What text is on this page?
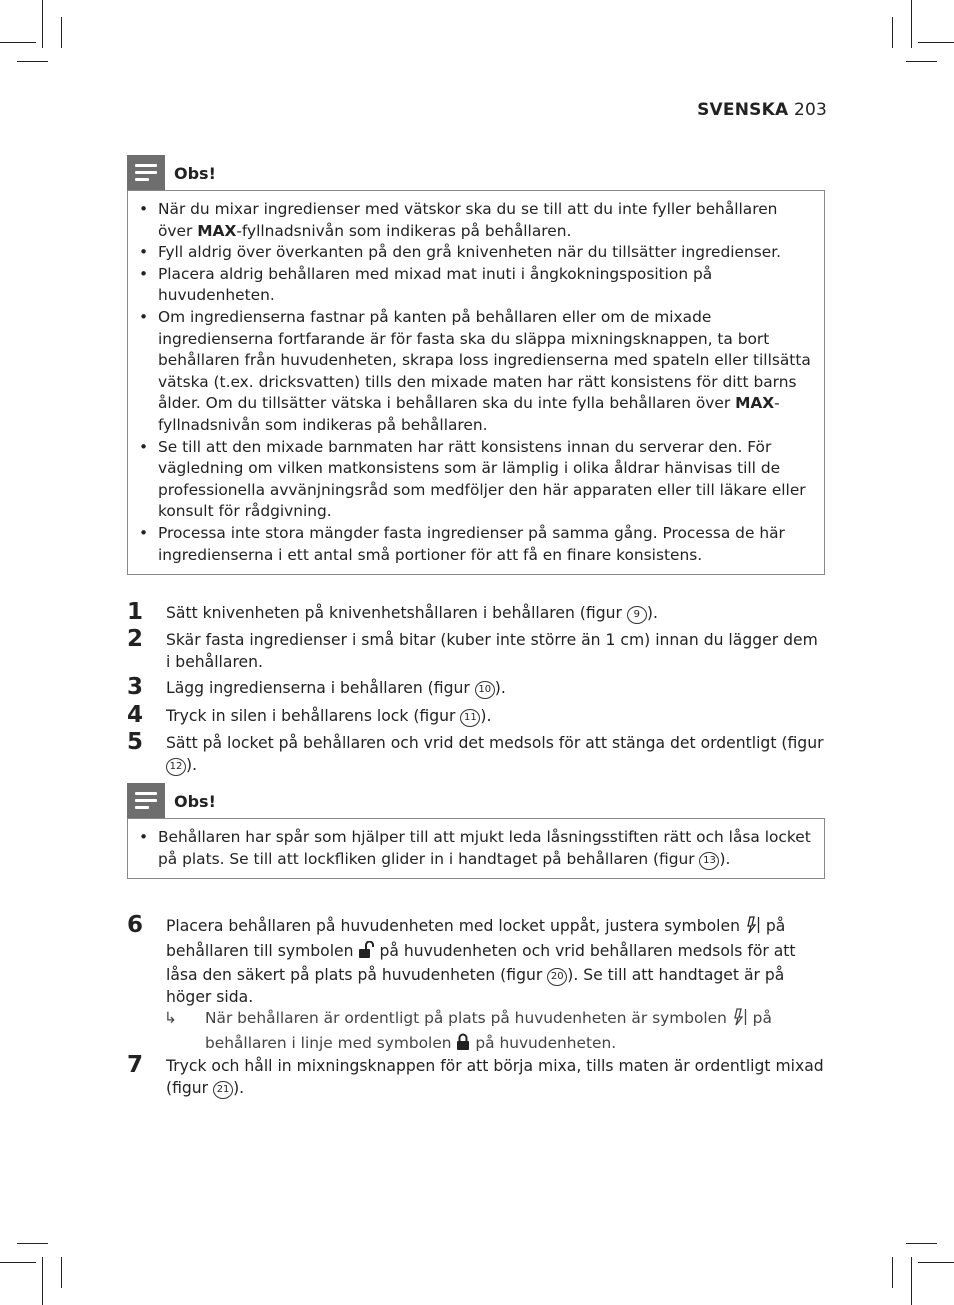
SVENSKA 203
Obs!
• När du mixar ingredienser med vätskor ska du se till att du inte fyller behållaren över MAX-fyllnadsnivån som indikeras på behållaren.
• Fyll aldrig över överkanten på den grå knivenheten när du tillsätter ingredienser.
• Placera aldrig behållaren med mixad mat inuti i ångkokningsposition på huvudenheten.
• Om ingredienserna fastnar på kanten på behållaren eller om de mixade ingredienserna fortfarande är för fasta ska du släppa mixningsknappen, ta bort behållaren från huvudenheten, skrapa loss ingredienserna med spateln eller tillsätta vätska (t.ex. dricksvatten) tills den mixade maten har rätt konsistens för ditt barns ålder. Om du tillsätter vätska i behållaren ska du inte fylla behållaren över MAX-fyllnadsnivån som indikeras på behållaren.
• Se till att den mixade barnmaten har rätt konsistens innan du serverar den. För vägledning om vilken matkonsistens som är lämplig i olika åldrar hänvisas till de professionella avvänjningsråd som medföljer den här apparaten eller till läkare eller konsult för rådgivning.
• Processa inte stora mängder fasta ingredienser på samma gång. Processa de här ingredienserna i ett antal små portioner för att få en finare konsistens.
1 Sätt knivenheten på knivenhetshållaren i behållaren (figur 9 ).
2 Skär fasta ingredienser i små bitar (kuber inte större än 1 cm) innan du lägger dem i behållaren.
3 Lägg ingredienserna i behållaren (figur 10 ).
4 Tryck in silen i behållarens lock (figur 11 ).
5 Sätt på locket på behållaren och vrid det medsols för att stänga det ordentligt (figur 12 ).
Obs!
• Behållaren har spår som hjälper till att mjukt leda låsningsstiften rätt och låsa locket på plats. Se till att lockfliken glider in i handtaget på behållaren (figur 13 ).
6 Placera behållaren på huvudenheten med locket uppåt, justera symbolen  på behållaren till symbolen  på huvudenheten och vrid behållaren medsols för att låsa den säkert på plats på huvudenheten (figur 20 ). Se till att handtaget är på höger sida.
↳ När behållaren är ordentligt på plats på huvudenheten är symbolen  på behållaren i linje med symbolen  på huvudenheten.
7 Tryck och håll in mixningsknappen för att börja mixa, tills maten är ordentligt mixad (figur 21 ).
